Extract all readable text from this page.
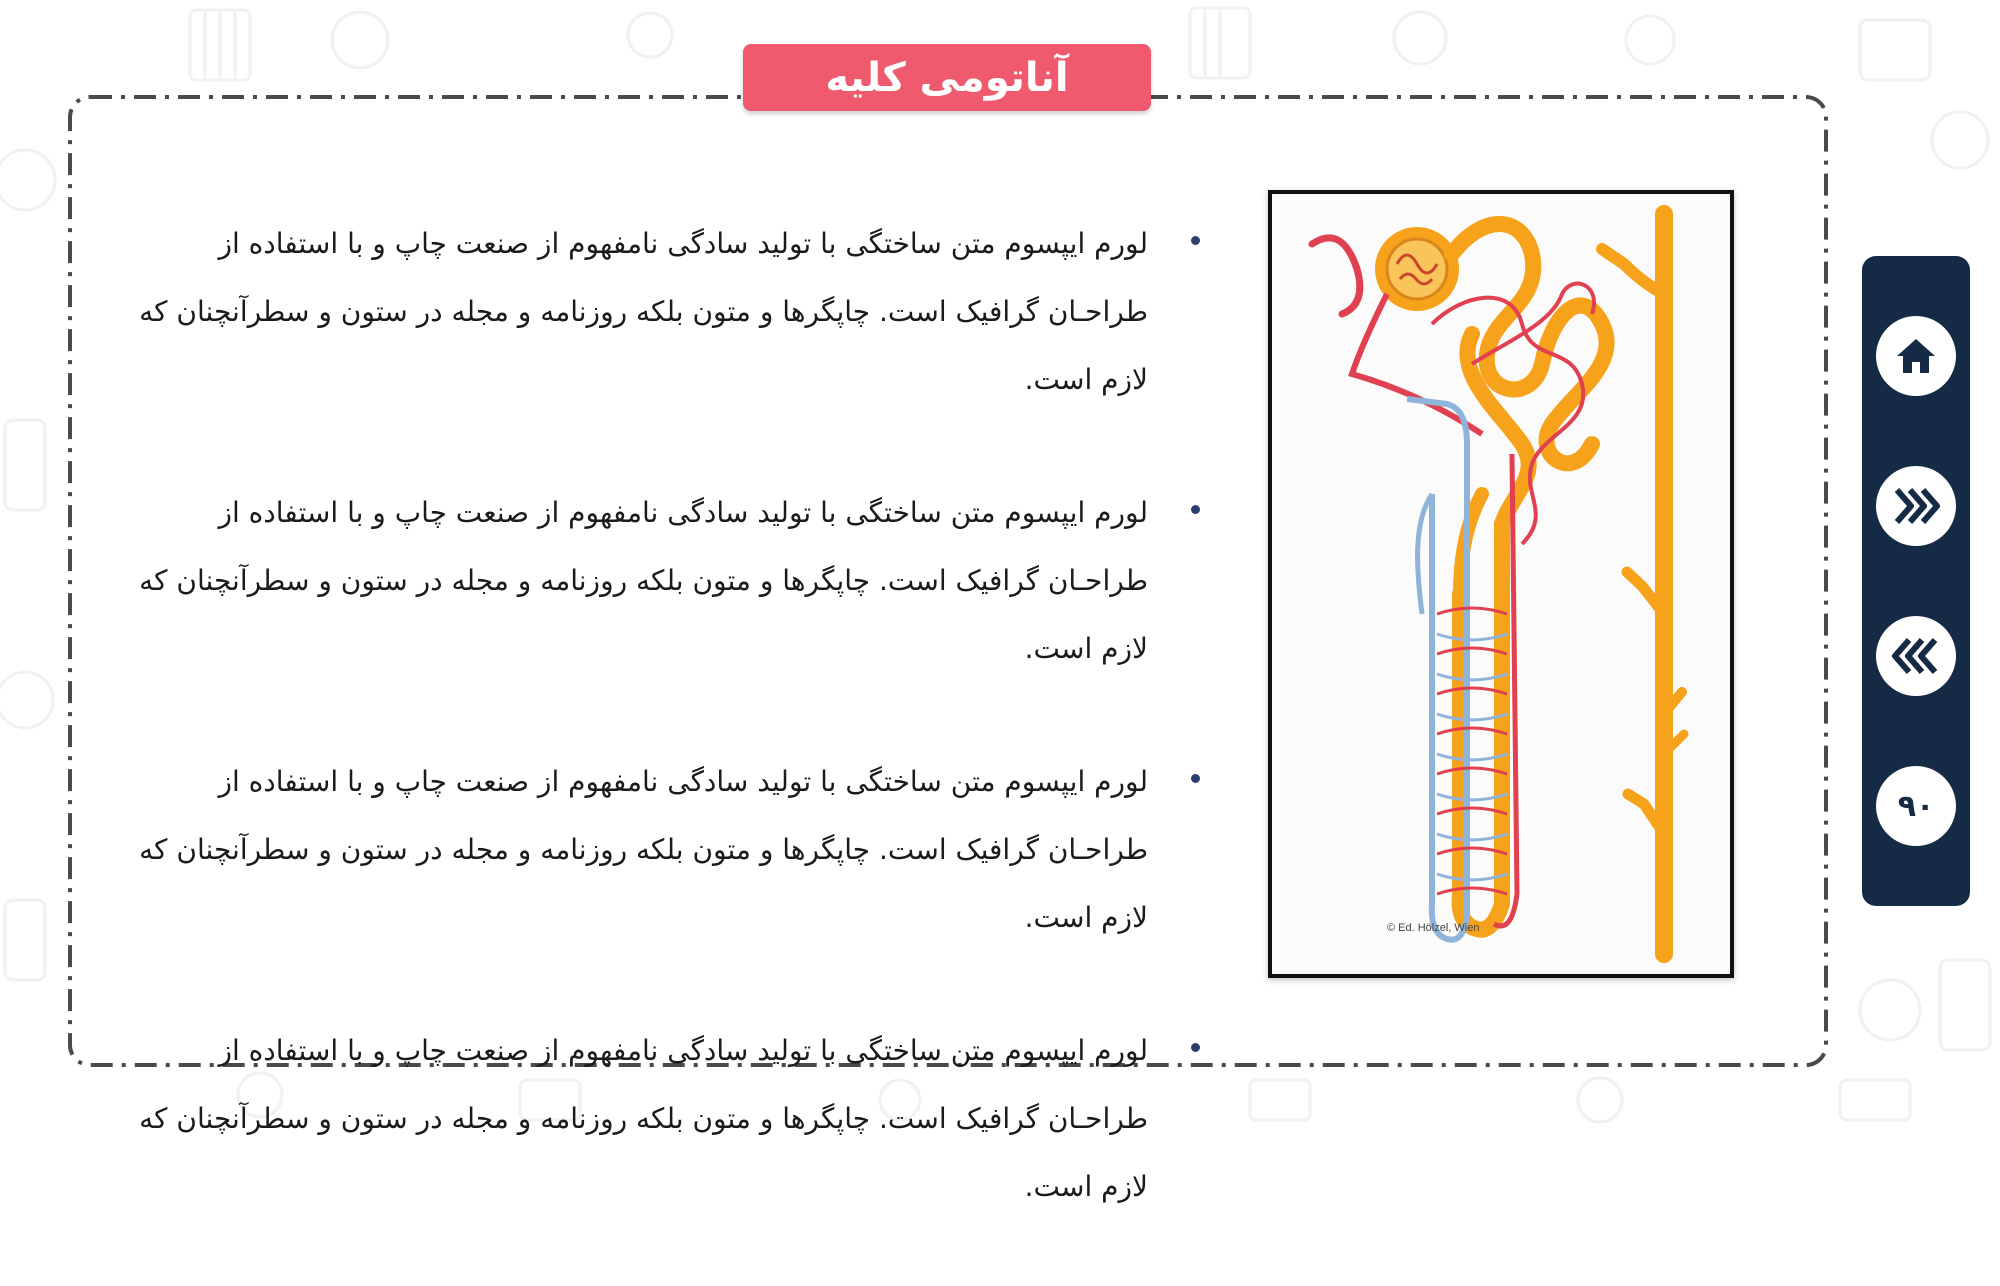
آناتومی کلیه
لورم ایپسوم متن ساختگی با تولید سادگی نامفهوم از صنعت چاپ و با استفاده از طراحـان گرافیک است. چاپگرها و متون بلکه روزنامه و مجله در ستون و سطرآنچنان که لازم است.
لورم ایپسوم متن ساختگی با تولید سادگی نامفهوم از صنعت چاپ و با استفاده از طراحـان گرافیک است. چاپگرها و متون بلکه روزنامه و مجله در ستون و سطرآنچنان که لازم است.
لورم ایپسوم متن ساختگی با تولید سادگی نامفهوم از صنعت چاپ و با استفاده از طراحـان گرافیک است. چاپگرها و متون بلکه روزنامه و مجله در ستون و سطرآنچنان که لازم است.
لورم ایپسوم متن ساختگی با تولید سادگی نامفهوم از صنعت چاپ و با استفاده از طراحـان گرافیک است. چاپگرها و متون بلکه روزنامه و مجله در ستون و سطرآنچنان که لازم است.
© Ed. Hölzel, Wien
۹۰
